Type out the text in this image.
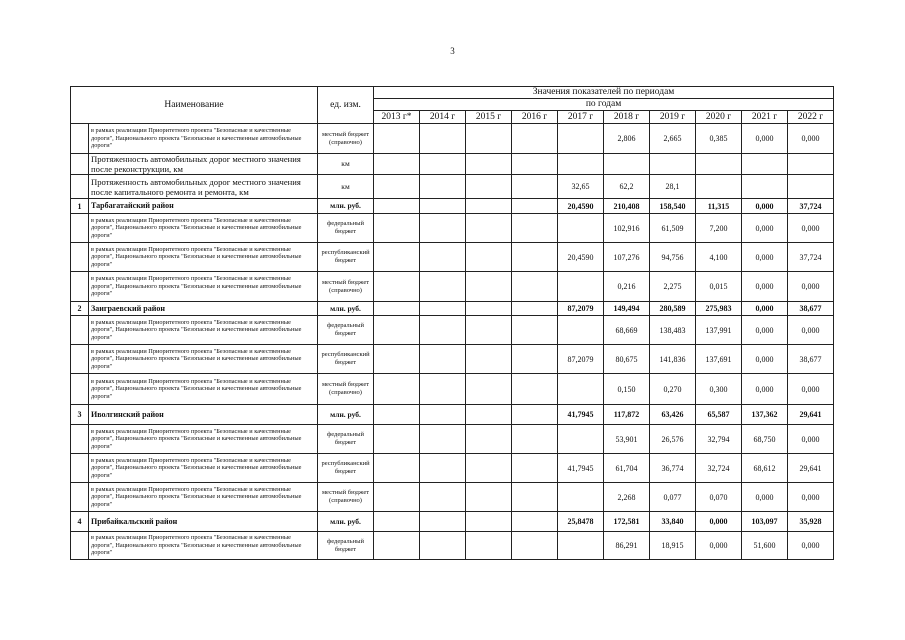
3
Наименование		ед. изм.	Значения показателей по периодам									
			по годам									
			2013 г*	2014 г	2015 г	2016 г	2017 г	2018 г	2019 г	2020 г	2021 г	2022 г
	в рамках реализации Приоритетного проекта "Безопасные и качественные дороги", Национального проекта "Безопасные и качественные автомобильные дороги"	местный бюджет (справочно)						2,806	2,665	0,385	0,000	0,000
	Протяженность автомобильных дорог местного значения после реконструкции, км	км										
	Протяженность автомобильных дорог местного значения после капитального ремонта и ремонта, км	км					32,65	62,2	28,1			
1	Тарбагатайский район	млн. руб.					20,4590	210,408	158,540	11,315	0,000	37,724
	в рамках реализации Приоритетного проекта "Безопасные и качественные дороги", Национального проекта "Безопасные и качественные автомобильные дороги"	федеральный бюджет						102,916	61,509	7,200	0,000	0,000
	в рамках реализации Приоритетного проекта "Безопасные и качественные дороги", Национального проекта "Безопасные и качественные автомобильные дороги"	республиканский бюджет					20,4590	107,276	94,756	4,100	0,000	37,724
	в рамках реализации Приоритетного проекта "Безопасные и качественные дороги", Национального проекта "Безопасные и качественные автомобильные дороги"	местный бюджет (справочно)						0,216	2,275	0,015	0,000	0,000
2	Заиграевский район	млн. руб.					87,2079	149,494	280,589	275,983	0,000	38,677
	в рамках реализации Приоритетного проекта "Безопасные и качественные дороги", Национального проекта "Безопасные и качественные автомобильные дороги"	федеральный бюджет						68,669	138,483	137,991	0,000	0,000
	в рамках реализации Приоритетного проекта "Безопасные и качественные дороги", Национального проекта "Безопасные и качественные автомобильные дороги"	республиканский бюджет					87,2079	80,675	141,836	137,691	0,000	38,677
	в рамках реализации Приоритетного проекта "Безопасные и качественные дороги", Национального проекта "Безопасные и качественные автомобильные дороги"	местный бюджет (справочно)						0,150	0,270	0,300	0,000	0,000
3	Иволгинский район	млн. руб.					41,7945	117,872	63,426	65,587	137,362	29,641
	в рамках реализации Приоритетного проекта "Безопасные и качественные дороги", Национального проекта "Безопасные и качественные автомобильные дороги"	федеральный бюджет						53,901	26,576	32,794	68,750	0,000
	в рамках реализации Приоритетного проекта "Безопасные и качественные дороги", Национального проекта "Безопасные и качественные автомобильные дороги"	республиканский бюджет					41,7945	61,704	36,774	32,724	68,612	29,641
	в рамках реализации Приоритетного проекта "Безопасные и качественные дороги", Национального проекта "Безопасные и качественные автомобильные дороги"	местный бюджет (справочно)						2,268	0,077	0,070	0,000	0,000
4	Прибайкальский район	млн. руб.					25,8478	172,581	33,840	0,000	103,097	35,928
	в рамках реализации Приоритетного проекта "Безопасные и качественные дороги", Национального проекта "Безопасные и качественные автомобильные дороги"	федеральный бюджет						86,291	18,915	0,000	51,600	0,000
